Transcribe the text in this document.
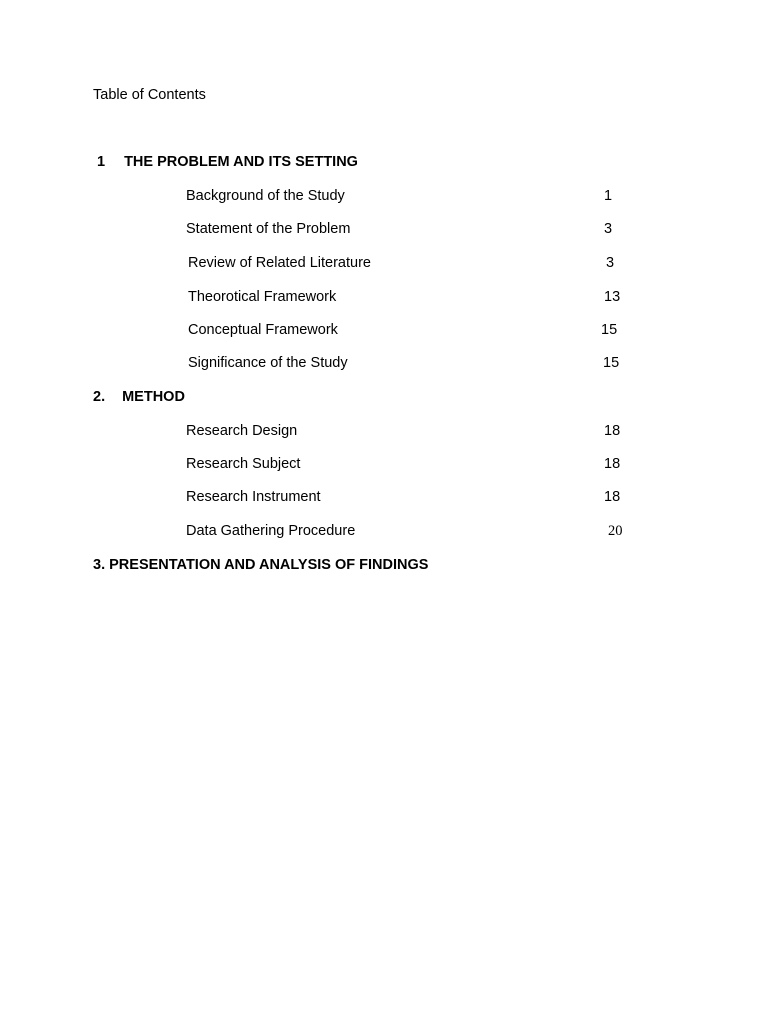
Table of Contents
1 THE PROBLEM AND ITS SETTING
Background of the Study	1
Statement of the Problem	3
Review of Related Literature	3
Theorotical Framework	13
Conceptual Framework	15
Significance of the Study	15
2. METHOD
Research Design	18
Research Subject	18
Research Instrument	18
Data Gathering Procedure	20
3. PRESENTATION AND ANALYSIS OF FINDINGS
